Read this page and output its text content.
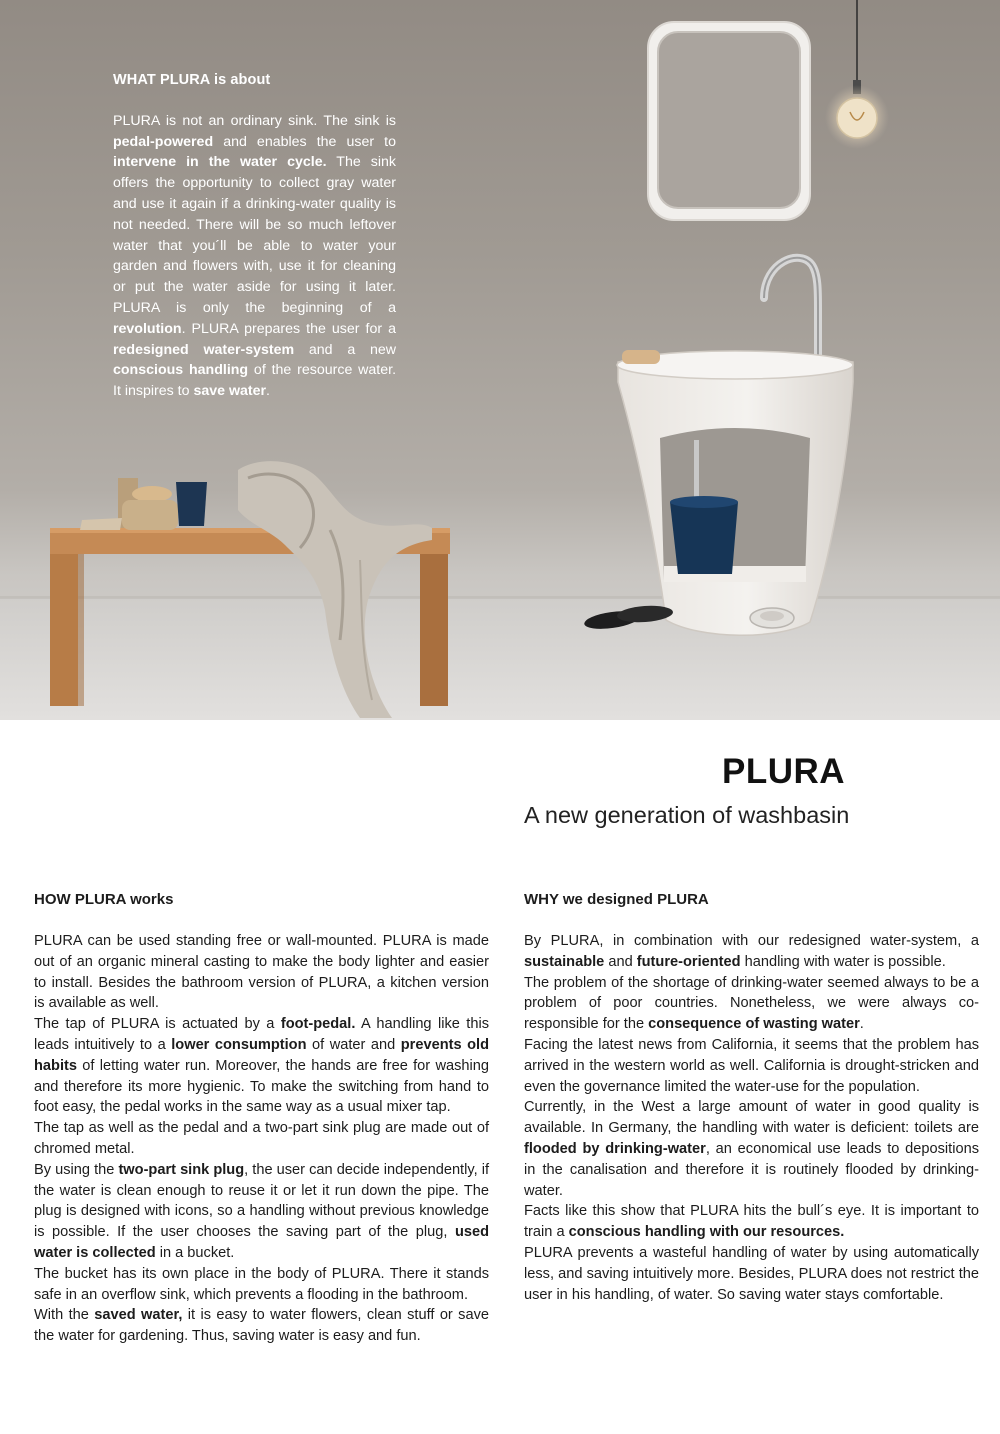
WHAT PLURA is about

PLURA is not an ordinary sink. The sink is pedal-powered and enables the user to intervene in the water cycle. The sink offers the opportunity to collect gray water and use it again if a drinking-water quality is not needed. There will be so much leftover water that you´ll be able to water your garden and flowers with, use it for cleaning or put the water aside for using it later. PLURA is only the beginning of a revolution. PLURA prepares the user for a redesigned water-system and a new conscious handling of the resource water. It inspires to save water.

PLURA
A new generation of washbasin
HOW PLURA works

PLURA can be used standing free or wall-mounted. PLURA is made out of an organic mineral casting to make the body lighter and easier to install. Besides the bathroom version of PLURA, a kitchen version is available as well.

The tap of PLURA is actuated by a foot-pedal. A handling like this leads intuitively to a lower consumption of water and prevents old habits of letting water run. Moreover, the hands are free for washing and therefore its more hygienic. To make the switching from hand to foot easy, the pedal works in the same way as a usual mixer tap.

The tap as well as the pedal and a two-part sink plug are made out of chromed metal.

By using the two-part sink plug, the user can decide independently, if the water is clean enough to reuse it or let it run down the pipe. The plug is designed with icons, so a handling without previous knowledge is possible. If the user chooses the saving part of the plug, used water is collected in a bucket.

The bucket has its own place in the body of PLURA. There it stands safe in an overflow sink, which prevents a flooding in the bathroom.

With the saved water, it is easy to water flowers, clean stuff or save the water for gardening. Thus, saving water is easy and fun.

WHY we designed PLURA

By PLURA, in combination with our redesigned water-system, a sustainable and future-oriented handling with water is possible.

The problem of the shortage of drinking-water seemed always to be a problem of poor countries. Nonetheless, we were always co-responsible for the consequence of wasting water.

Facing the latest news from California, it seems that the problem has arrived in the western world as well. California is drought-stricken and even the governance limited the water-use for the population.

Currently, in the West a large amount of water in good quality is available. In Germany, the handling with water is deficient: toilets are flooded by drinking-water, an economical use leads to depositions in the canalisation and therefore it is routinely flooded by drinking-water.

Facts like this show that PLURA hits the bull´s eye. It is important to train a conscious handling with our resources.

PLURA prevents a wasteful handling of water by using automatically less, and saving intuitively more. Besides, PLURA does not restrict the user in his handling, of water. So saving water stays comfortable.
